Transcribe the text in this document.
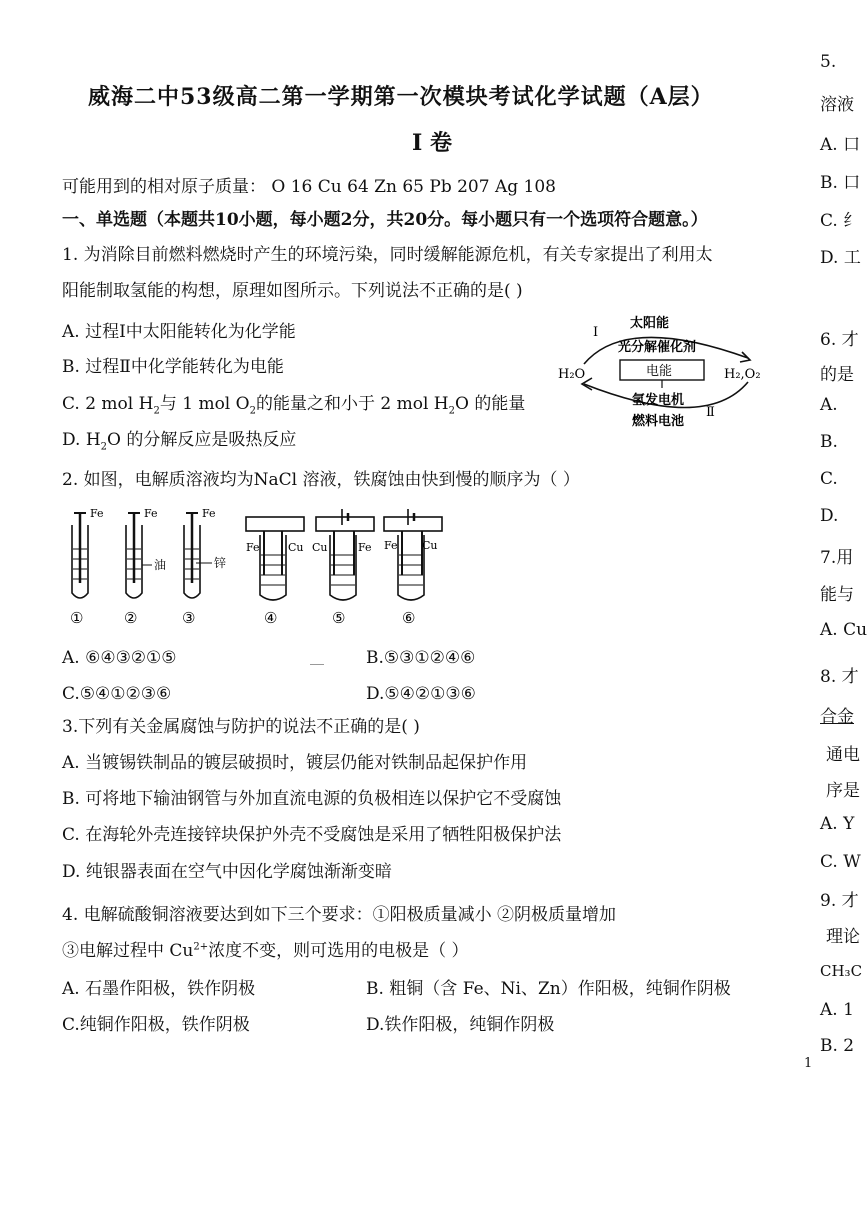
威海二中53级高二第一学期第一次模块考试化学试题（A层）
I 卷
可能用到的相对原子质量： O 16 Cu 64 Zn 65 Pb 207 Ag 108
一、单选题（本题共10小题，每小题2分，共20分。每小题只有一个选项符合题意。）
1. 为消除目前燃料燃烧时产生的环境污染，同时缓解能源危机，有关专家提出了利用太
阳能制取氢能的构想，原理如图所示。下列说法不正确的是( )
A. 过程Ⅰ中太阳能转化为化学能
B. 过程Ⅱ中化学能转化为电能
C. 2 mol $H_2$与 1 mol $O_2$的能量之和小于 2 mol $H_2O$ 的能量
D. $H_2O$ 的分解反应是吸热反应
I
Ⅱ
太阳能
光分解催化剂
H₂O	H₂,O₂
电能
氢发电机
燃料电池
2. 如图，电解质溶液均为NaCl 溶液，铁腐蚀由快到慢的顺序为（ ）
Fe
①
Fe
油
②
Fe
锌
③
Fe	Cu
④
Cu	Fe
⑤
Fe Cu
⑥
A. ⑥④③②①⑤	B.⑤③①②④⑥
C.⑤④①②③⑥	D.⑤④②①③⑥
3.下列有关金属腐蚀与防护的说法不正确的是( )
A. 当镀锡铁制品的镀层破损时，镀层仍能对铁制品起保护作用
B. 可将地下输油钢管与外加直流电源的负极相连以保护它不受腐蚀
C. 在海轮外壳连接锌块保护外壳不受腐蚀是采用了牺牲阳极保护法
D. 纯银器表面在空气中因化学腐蚀渐渐变暗
4. 电解硫酸铜溶液要达到如下三个要求：①阳极质量减小 ②阴极质量增加
③电解过程中 $Cu^{2+}$浓度不变，则可选用的电极是（ ）
A. 石墨作阳极，铁作阴极	B. 粗铜（含 Fe、Ni、Zn）作阳极，纯铜作阴极
C.纯铜作阳极，铁作阴极	D.铁作阳极，纯铜作阴极
5.
溶液
A. 口
B. 口
C. 纟
D. 工
6. 才
的是
A.
B.
C.
D.
7.用
能与
A. Cu
8. 才
合金
通电
序是
A. Y
C. W
9. 才
理论
CH₃C
A. 1
B. 2
1
